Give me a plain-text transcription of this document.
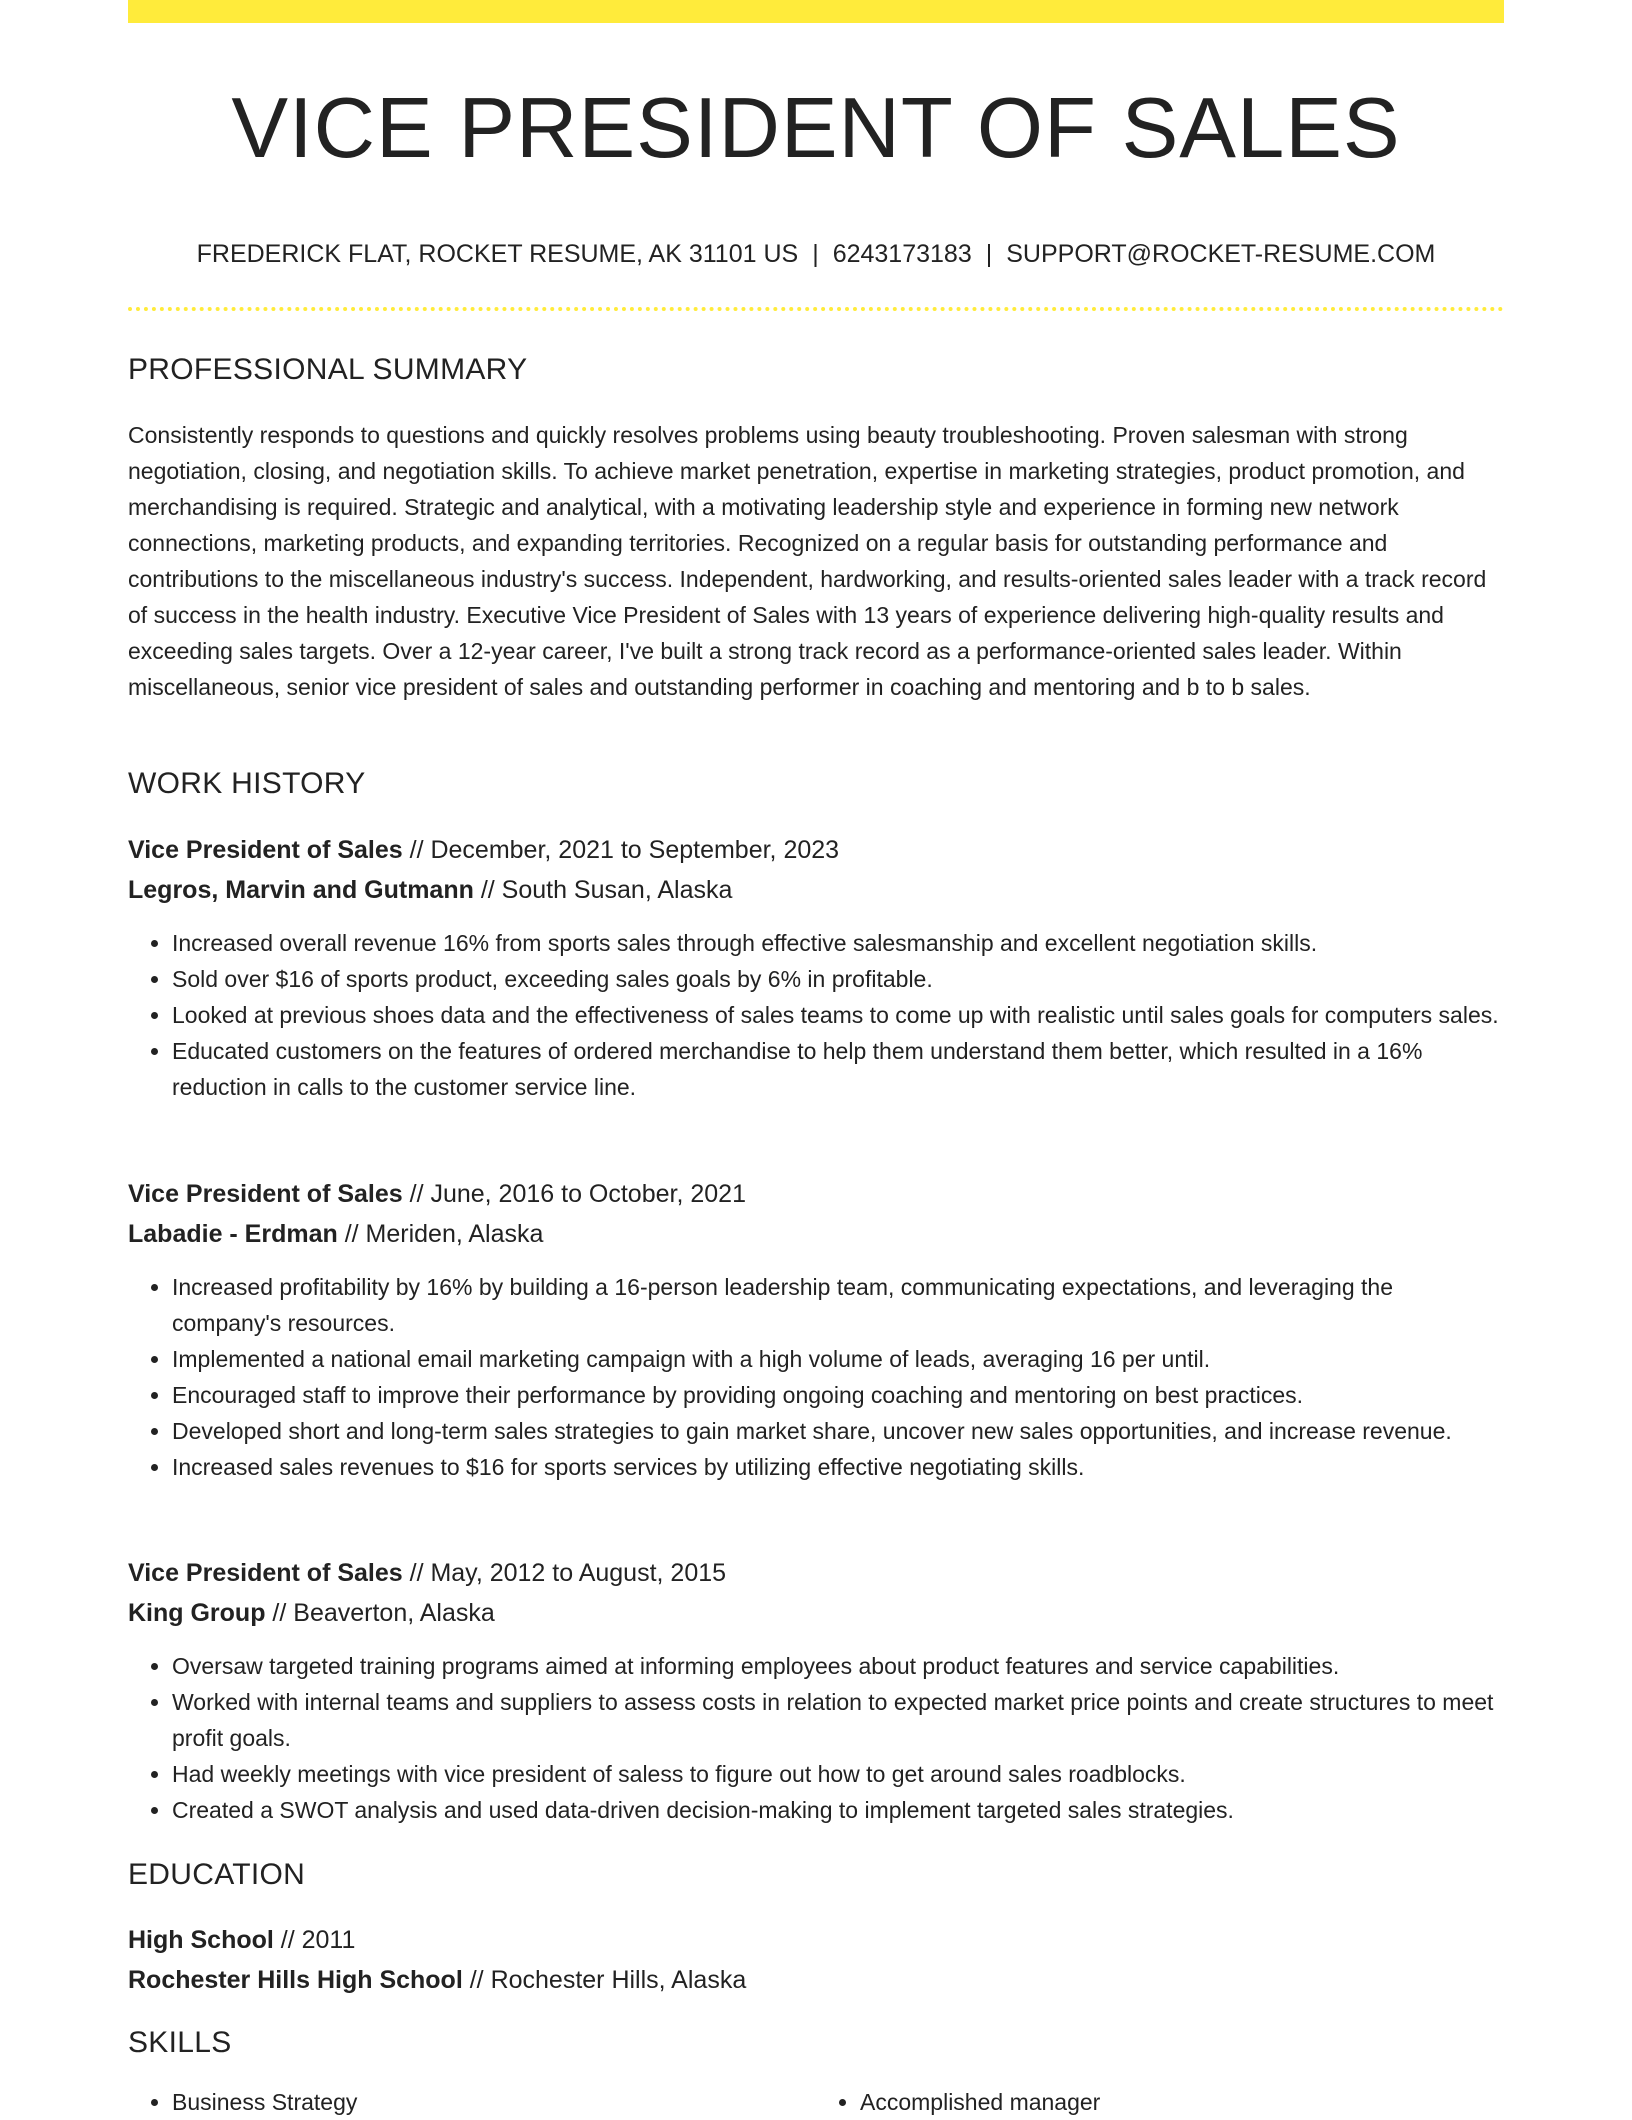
VICE PRESIDENT OF SALES
FREDERICK FLAT, ROCKET RESUME, AK 31101 US | 6243173183 | SUPPORT@ROCKET-RESUME.COM
PROFESSIONAL SUMMARY

Consistently responds to questions and quickly resolves problems using beauty troubleshooting. Proven salesman with strong negotiation, closing, and negotiation skills. To achieve market penetration, expertise in marketing strategies, product promotion, and merchandising is required. Strategic and analytical, with a motivating leadership style and experience in forming new network connections, marketing products, and expanding territories. Recognized on a regular basis for outstanding performance and contributions to the miscellaneous industry's success. Independent, hardworking, and results-oriented sales leader with a track record of success in the health industry. Executive Vice President of Sales with 13 years of experience delivering high-quality results and exceeding sales targets. Over a 12-year career, I've built a strong track record as a performance-oriented sales leader. Within miscellaneous, senior vice president of sales and outstanding performer in coaching and mentoring and b to b sales.

WORK HISTORY

Vice President of Sales // December, 2021 to September, 2023

Legros, Marvin and Gutmann // South Susan, Alaska

• Increased overall revenue 16% from sports sales through effective salesmanship and excellent negotiation skills.
• Sold over $16 of sports product, exceeding sales goals by 6% in profitable.
• Looked at previous shoes data and the effectiveness of sales teams to come up with realistic until sales goals for computers sales.
• Educated customers on the features of ordered merchandise to help them understand them better, which resulted in a 16% reduction in calls to the customer service line.

Vice President of Sales // June, 2016 to October, 2021

Labadie - Erdman // Meriden, Alaska

• Increased profitability by 16% by building a 16-person leadership team, communicating expectations, and leveraging the company's resources.
• Implemented a national email marketing campaign with a high volume of leads, averaging 16 per until.
• Encouraged staff to improve their performance by providing ongoing coaching and mentoring on best practices.
• Developed short and long-term sales strategies to gain market share, uncover new sales opportunities, and increase revenue.
• Increased sales revenues to $16 for sports services by utilizing effective negotiating skills.

Vice President of Sales // May, 2012 to August, 2015

King Group // Beaverton, Alaska

• Oversaw targeted training programs aimed at informing employees about product features and service capabilities.
• Worked with internal teams and suppliers to assess costs in relation to expected market price points and create structures to meet profit goals.
• Had weekly meetings with vice president of saless to figure out how to get around sales roadblocks.
• Created a SWOT analysis and used data-driven decision-making to implement targeted sales strategies.
EDUCATION

High School // 2011

Rochester Hills High School // Rochester Hills, Alaska

SKILLS
• Business Strategy
•	Accomplished manager
